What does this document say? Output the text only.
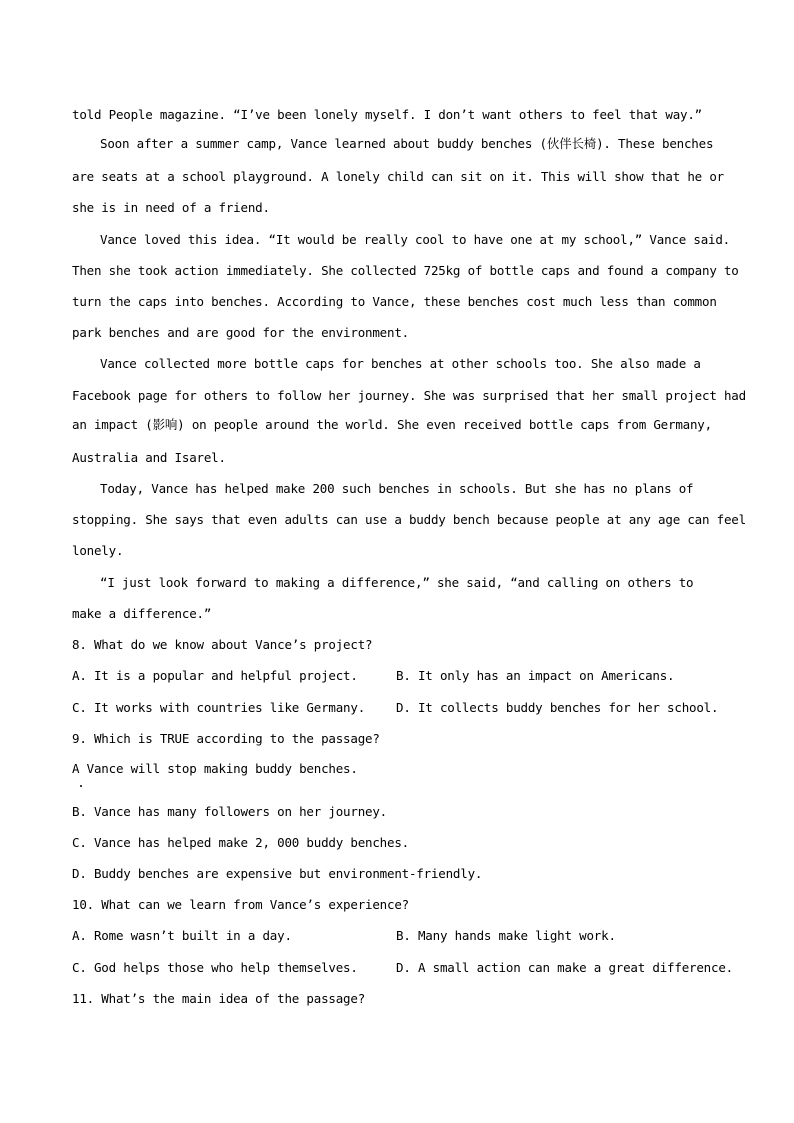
told People magazine. “I’ve been lonely myself. I don’t want others to feel that way.”
Soon after a summer camp, Vance learned about buddy benches (伙伴长椅). These benches
are seats at a school playground. A lonely child can sit on it. This will show that he or
she is in need of a friend.
Vance loved this idea. “It would be really cool to have one at my school,” Vance said.
Then she took action immediately. She collected 725kg of bottle caps and found a company to
turn the caps into benches. According to Vance, these benches cost much less than common
park benches and are good for the environment.
Vance collected more bottle caps for benches at other schools too. She also made a
Facebook page for others to follow her journey. She was surprised that her small project had
an impact (影响) on people around the world. She even received bottle caps from Germany,
Australia and Isarel.
Today, Vance has helped make 200 such benches in schools. But she has no plans of
stopping. She says that even adults can use a buddy bench because people at any age can feel
lonely.
“I just look forward to making a difference,” she said, “and calling on others to
make a difference.”
8. What do we know about Vance’s project?
A. It is a popular and helpful project.	B. It only has an impact on Americans.
C. It works with countries like Germany. D. It collects buddy benches for her school.
9. Which is TRUE according to the passage?
A Vance will stop making buddy benches.
B. Vance has many followers on her journey.
C. Vance has helped make 2, 000 buddy benches.
D. Buddy benches are expensive but environment-friendly.
10. What can we learn from Vance’s experience?
A. Rome wasn’t built in a day.	B. Many hands make light work.
C. God helps those who help themselves.	D. A small action can make a great difference.
11. What’s the main idea of the passage?
